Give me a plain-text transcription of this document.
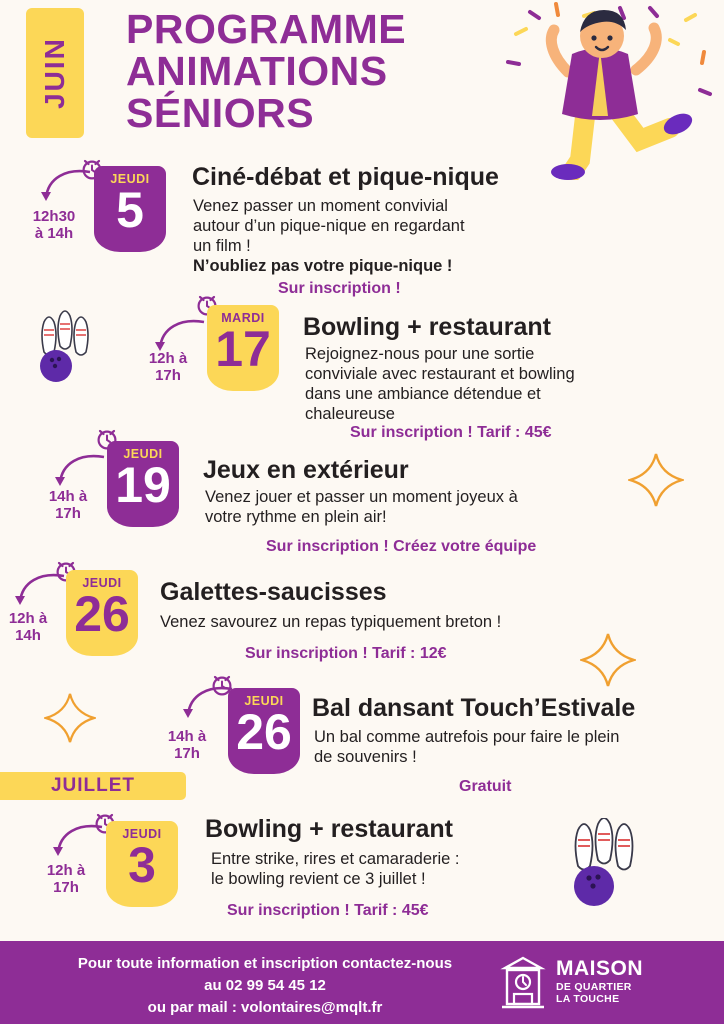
JUIN
PROGRAMME
ANIMATIONS
SÉNIORS
12h30
à 14h
JEUDI
5
Ciné-débat et pique-nique
Venez passer un moment convivial
autour d’un pique-nique en regardant
un film !
N’oubliez pas votre pique-nique !
Sur inscription !
12h à
17h
MARDI
17 Bowling + restaurant
Rejoignez-nous pour une sortie
conviviale avec restaurant et bowling
dans une ambiance détendue et
chaleureuse
Sur inscription ! Tarif : 45€
14h à
17h
JEUDI
19 Jeux en extérieur
Venez jouer et passer un moment joyeux à
votre rythme en plein air!
Sur inscription ! Créez votre équipe
12h à
14h
JEUDI
26 Galettes-saucisses
Venez savourez un repas typiquement breton !
Sur inscription ! Tarif : 12€
14h à
17h
JEUDI
26 Bal dansant Touch’Estivale
Un bal comme autrefois pour faire le plein
de souvenirs !
Gratuit
JUILLET
12h à
17h
JEUDI
3
Bowling + restaurant
Entre strike, rires et camaraderie :
le bowling revient ce 3 juillet !
Sur inscription ! Tarif : 45€
Pour toute information et inscription contactez-nous
au 02 99 54 45 12
ou par mail : volontaires@mqlt.fr
MAISON
DE QUARTIER
LA TOUCHE
